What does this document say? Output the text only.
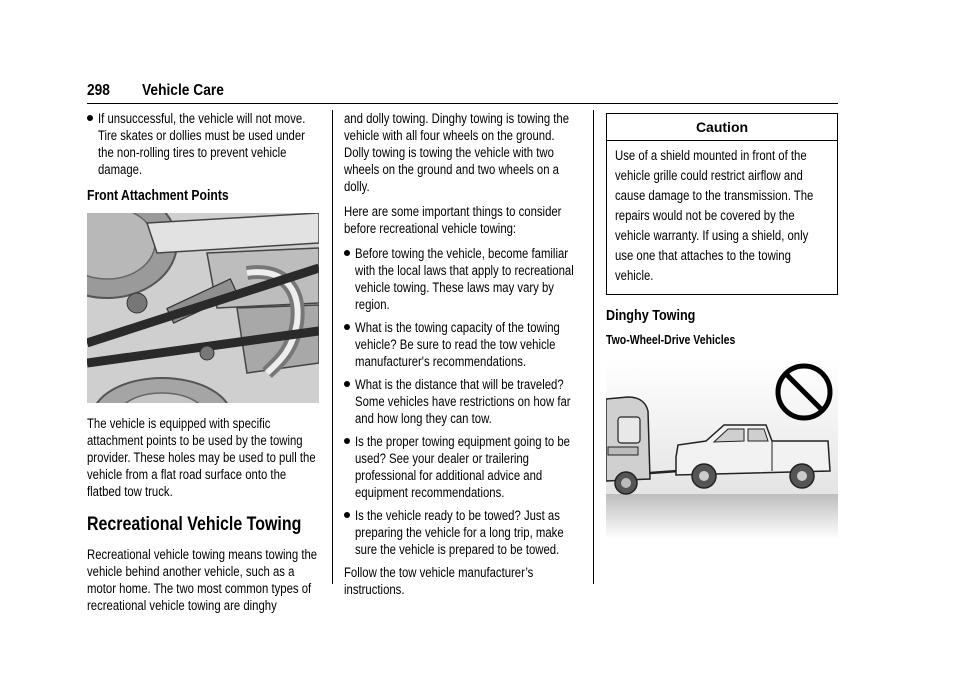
298 Vehicle Care
If unsuccessful, the vehicle will not move. Tire skates or dollies must be used under the non-rolling tires to prevent vehicle damage.
Front Attachment Points
The vehicle is equipped with specific attachment points to be used by the towing provider. These holes may be used to pull the vehicle from a flat road surface onto the flatbed tow truck.
Recreational Vehicle Towing
Recreational vehicle towing means towing the vehicle behind another vehicle, such as a motor home. The two most common types of recreational vehicle towing are dinghy
and dolly towing. Dinghy towing is towing the vehicle with all four wheels on the ground. Dolly towing is towing the vehicle with two wheels on the ground and two wheels on a dolly.
Here are some important things to consider before recreational vehicle towing:
Before towing the vehicle, become familiar with the local laws that apply to recreational vehicle towing. These laws may vary by region.
What is the towing capacity of the towing vehicle? Be sure to read the tow vehicle manufacturer's recommendations.
What is the distance that will be traveled? Some vehicles have restrictions on how far and how long they can tow.
Is the proper towing equipment going to be used? See your dealer or trailering professional for additional advice and equipment recommendations.
Is the vehicle ready to be towed? Just as preparing the vehicle for a long trip, make sure the vehicle is prepared to be towed.
Follow the tow vehicle manufacturer’s instructions.
Caution
Use of a shield mounted in front of the vehicle grille could restrict airflow and cause damage to the transmission. The repairs would not be covered by the vehicle warranty. If using a shield, only use one that attaches to the towing vehicle.
Dinghy Towing
Two-Wheel-Drive Vehicles
